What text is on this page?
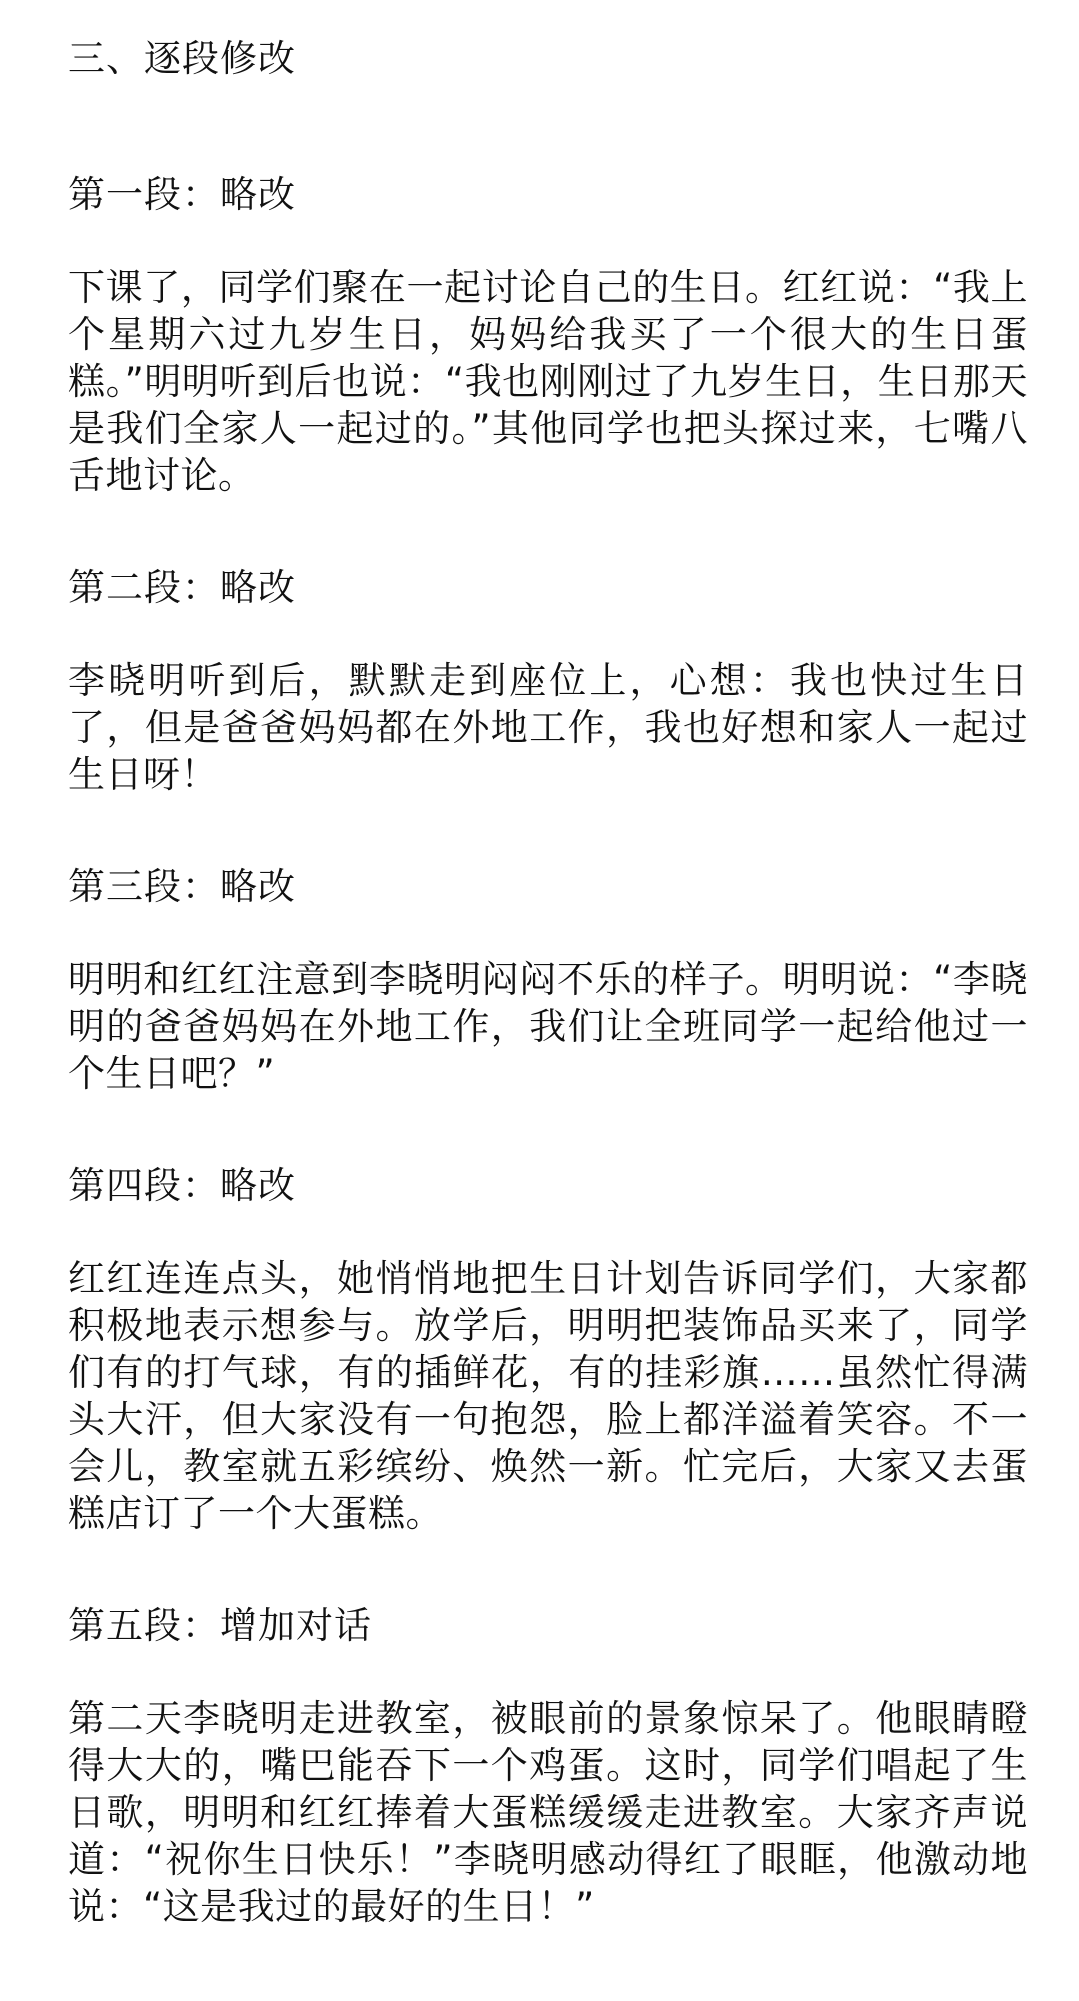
三、逐段修改
第一段：略改

下课了，同学们聚在一起讨论自己的生日。红红说：“我上个星期六过九岁生日，妈妈给我买了一个很大的生日蛋糕。”明明听到后也说：“我也刚刚过了九岁生日，生日那天是我们全家人一起过的。”其他同学也把头探过来，七嘴八舌地讨论。

第二段：略改

李晓明听到后，默默走到座位上，心想：我也快过生日了，但是爸爸妈妈都在外地工作，我也好想和家人一起过生日呀！

第三段：略改

明明和红红注意到李晓明闷闷不乐的样子。明明说：“李晓明的爸爸妈妈在外地工作，我们让全班同学一起给他过一个生日吧？”

第四段：略改

红红连连点头，她悄悄地把生日计划告诉同学们，大家都积极地表示想参与。放学后，明明把装饰品买来了，同学们有的打气球，有的插鲜花，有的挂彩旗……虽然忙得满头大汗，但大家没有一句抱怨，脸上都洋溢着笑容。不一会儿，教室就五彩缤纷、焕然一新。忙完后，大家又去蛋糕店订了一个大蛋糕。

第五段：增加对话

第二天李晓明走进教室，被眼前的景象惊呆了。他眼睛瞪得大大的，嘴巴能吞下一个鸡蛋。这时，同学们唱起了生日歌，明明和红红捧着大蛋糕缓缓走进教室。大家齐声说道：“祝你生日快乐！”李晓明感动得红了眼眶，他激动地说：“这是我过的最好的生日！”
